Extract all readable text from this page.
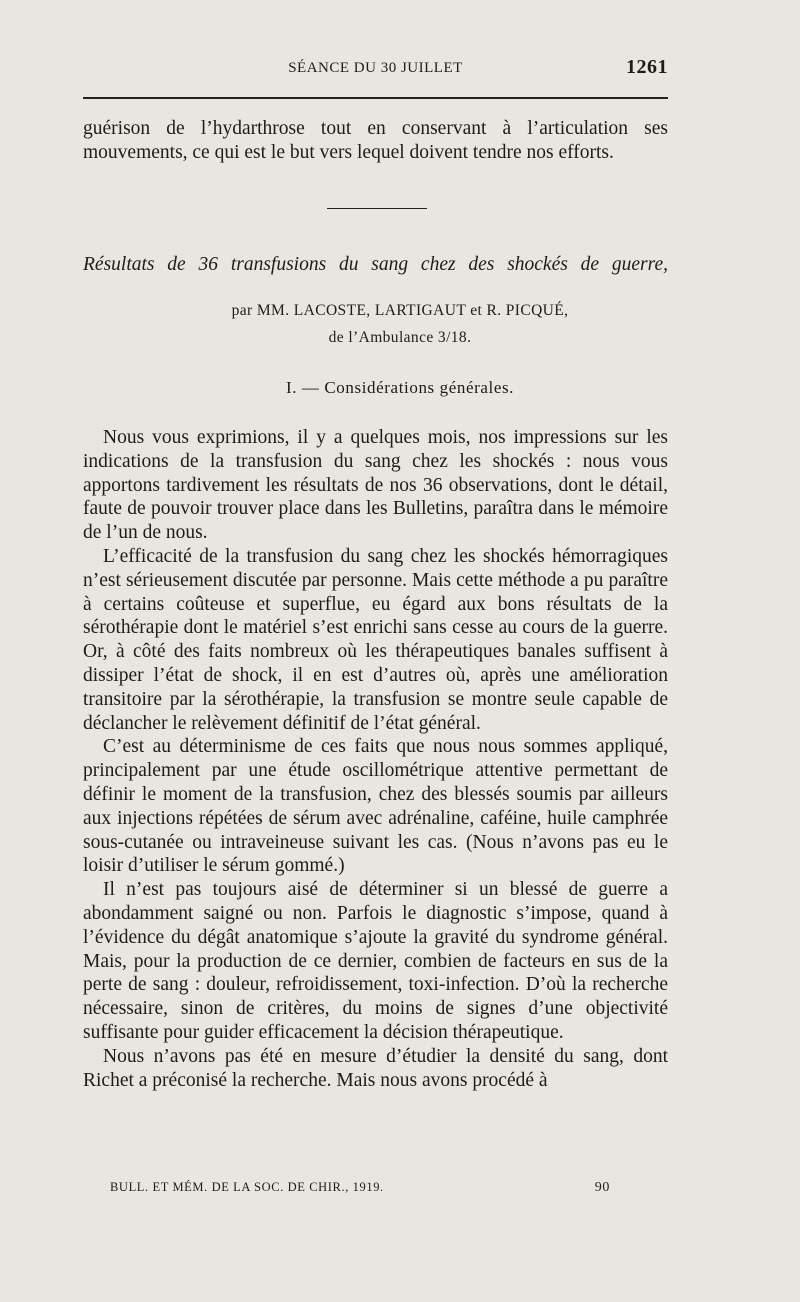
SÉANCE DU 30 JUILLET	1261
guérison de l’hydarthrose tout en conservant à l’articulation ses mouvements, ce qui est le but vers lequel doivent tendre nos efforts.
Résultats de 36 transfusions du sang chez des shockés de guerre,
par MM. LACOSTE, LARTIGAUT et R. PICQUÉ,
de l’Ambulance 3/18.
I. — Considérations générales.
Nous vous exprimions, il y a quelques mois, nos impressions sur les indications de la transfusion du sang chez les shockés : nous vous apportons tardivement les résultats de nos 36 observations, dont le détail, faute de pouvoir trouver place dans les Bulletins, paraîtra dans le mémoire de l’un de nous.
L’efficacité de la transfusion du sang chez les shockés hémorragiques n’est sérieusement discutée par personne. Mais cette méthode a pu paraître à certains coûteuse et superflue, eu égard aux bons résultats de la sérothérapie dont le matériel s’est enrichi sans cesse au cours de la guerre. Or, à côté des faits nombreux où les thérapeutiques banales suffisent à dissiper l’état de shock, il en est d’autres où, après une amélioration transitoire par la sérothérapie, la transfusion se montre seule capable de déclancher le relèvement définitif de l’état général.
C’est au déterminisme de ces faits que nous nous sommes appliqué, principalement par une étude oscillométrique attentive permettant de définir le moment de la transfusion, chez des blessés soumis par ailleurs aux injections répétées de sérum avec adrénaline, caféine, huile camphrée sous-cutanée ou intraveineuse suivant les cas. (Nous n’avons pas eu le loisir d’utiliser le sérum gommé.)
Il n’est pas toujours aisé de déterminer si un blessé de guerre a abondamment saigné ou non. Parfois le diagnostic s’impose, quand à l’évidence du dégât anatomique s’ajoute la gravité du syndrome général. Mais, pour la production de ce dernier, combien de facteurs en sus de la perte de sang : douleur, refroidissement, toxi-infection. D’où la recherche nécessaire, sinon de critères, du moins de signes d’une objectivité suffisante pour guider efficacement la décision thérapeutique.
Nous n’avons pas été en mesure d’étudier la densité du sang, dont Richet a préconisé la recherche. Mais nous avons procédé à
BULL. ET MÉM. DE LA SOC. DE CHIR., 1919.	90
